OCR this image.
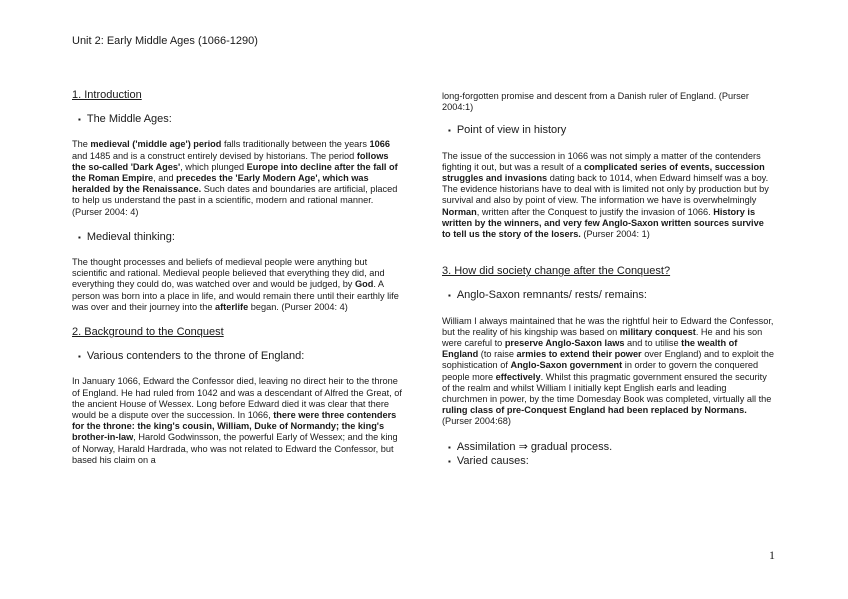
Unit 2: Early Middle Ages (1066-1290)
1. Introduction
▪ The Middle Ages:
The medieval ('middle age') period falls traditionally between the years 1066 and 1485 and is a construct entirely devised by historians. The period follows the so-called 'Dark Ages', which plunged Europe into decline after the fall of the Roman Empire, and precedes the 'Early Modern Age', which was heralded by the Renaissance. Such dates and boundaries are artificial, placed to help us understand the past in a scientific, modern and rational manner. (Purser 2004: 4)
▪ Medieval thinking:
The thought processes and beliefs of medieval people were anything but scientific and rational. Medieval people believed that everything they did, and everything they could do, was watched over and would be judged, by God. A person was born into a place in life, and would remain there until their earthly life was over and their journey into the afterlife began. (Purser 2004: 4)
2. Background to the Conquest
▪ Various contenders to the throne of England:
In January 1066, Edward the Confessor died, leaving no direct heir to the throne of England. He had ruled from 1042 and was a descendant of Alfred the Great, of the ancient House of Wessex. Long before Edward died it was clear that there would be a dispute over the succession. In 1066, there were three contenders for the throne: the king's cousin, William, Duke of Normandy; the king's brother-in-law, Harold Godwinsson, the powerful Early of Wessex; and the king of Norway, Harald Hardrada, who was not related to Edward the Confessor, but based his claim on a
long-forgotten promise and descent from a Danish ruler of England. (Purser 2004:1)
▪ Point of view in history
The issue of the succession in 1066 was not simply a matter of the contenders fighting it out, but was a result of a complicated series of events, succession struggles and invasions dating back to 1014, when Edward himself was a boy. The evidence historians have to deal with is limited not only by production but by survival and also by point of view. The information we have is overwhelmingly Norman, written after the Conquest to justify the invasion of 1066. History is written by the winners, and very few Anglo-Saxon written sources survive to tell us the story of the losers. (Purser 2004: 1)
3. How did society change after the Conquest?
▪ Anglo-Saxon remnants/ rests/ remains:
William I always maintained that he was the rightful heir to Edward the Confessor, but the reality of his kingship was based on military conquest. He and his son were careful to preserve Anglo-Saxon laws and to utilise the wealth of England (to raise armies to extend their power over England) and to exploit the sophistication of Anglo-Saxon government in order to govern the conquered people more effectively. Whilst this pragmatic government ensured the security of the realm and whilst William I initially kept English earls and leading churchmen in power, by the time Domesday Book was completed, virtually all the ruling class of pre-Conquest England had been replaced by Normans. (Purser 2004:68)
▪ Assimilation ⇒ gradual process.
▪ Varied causes:
1
